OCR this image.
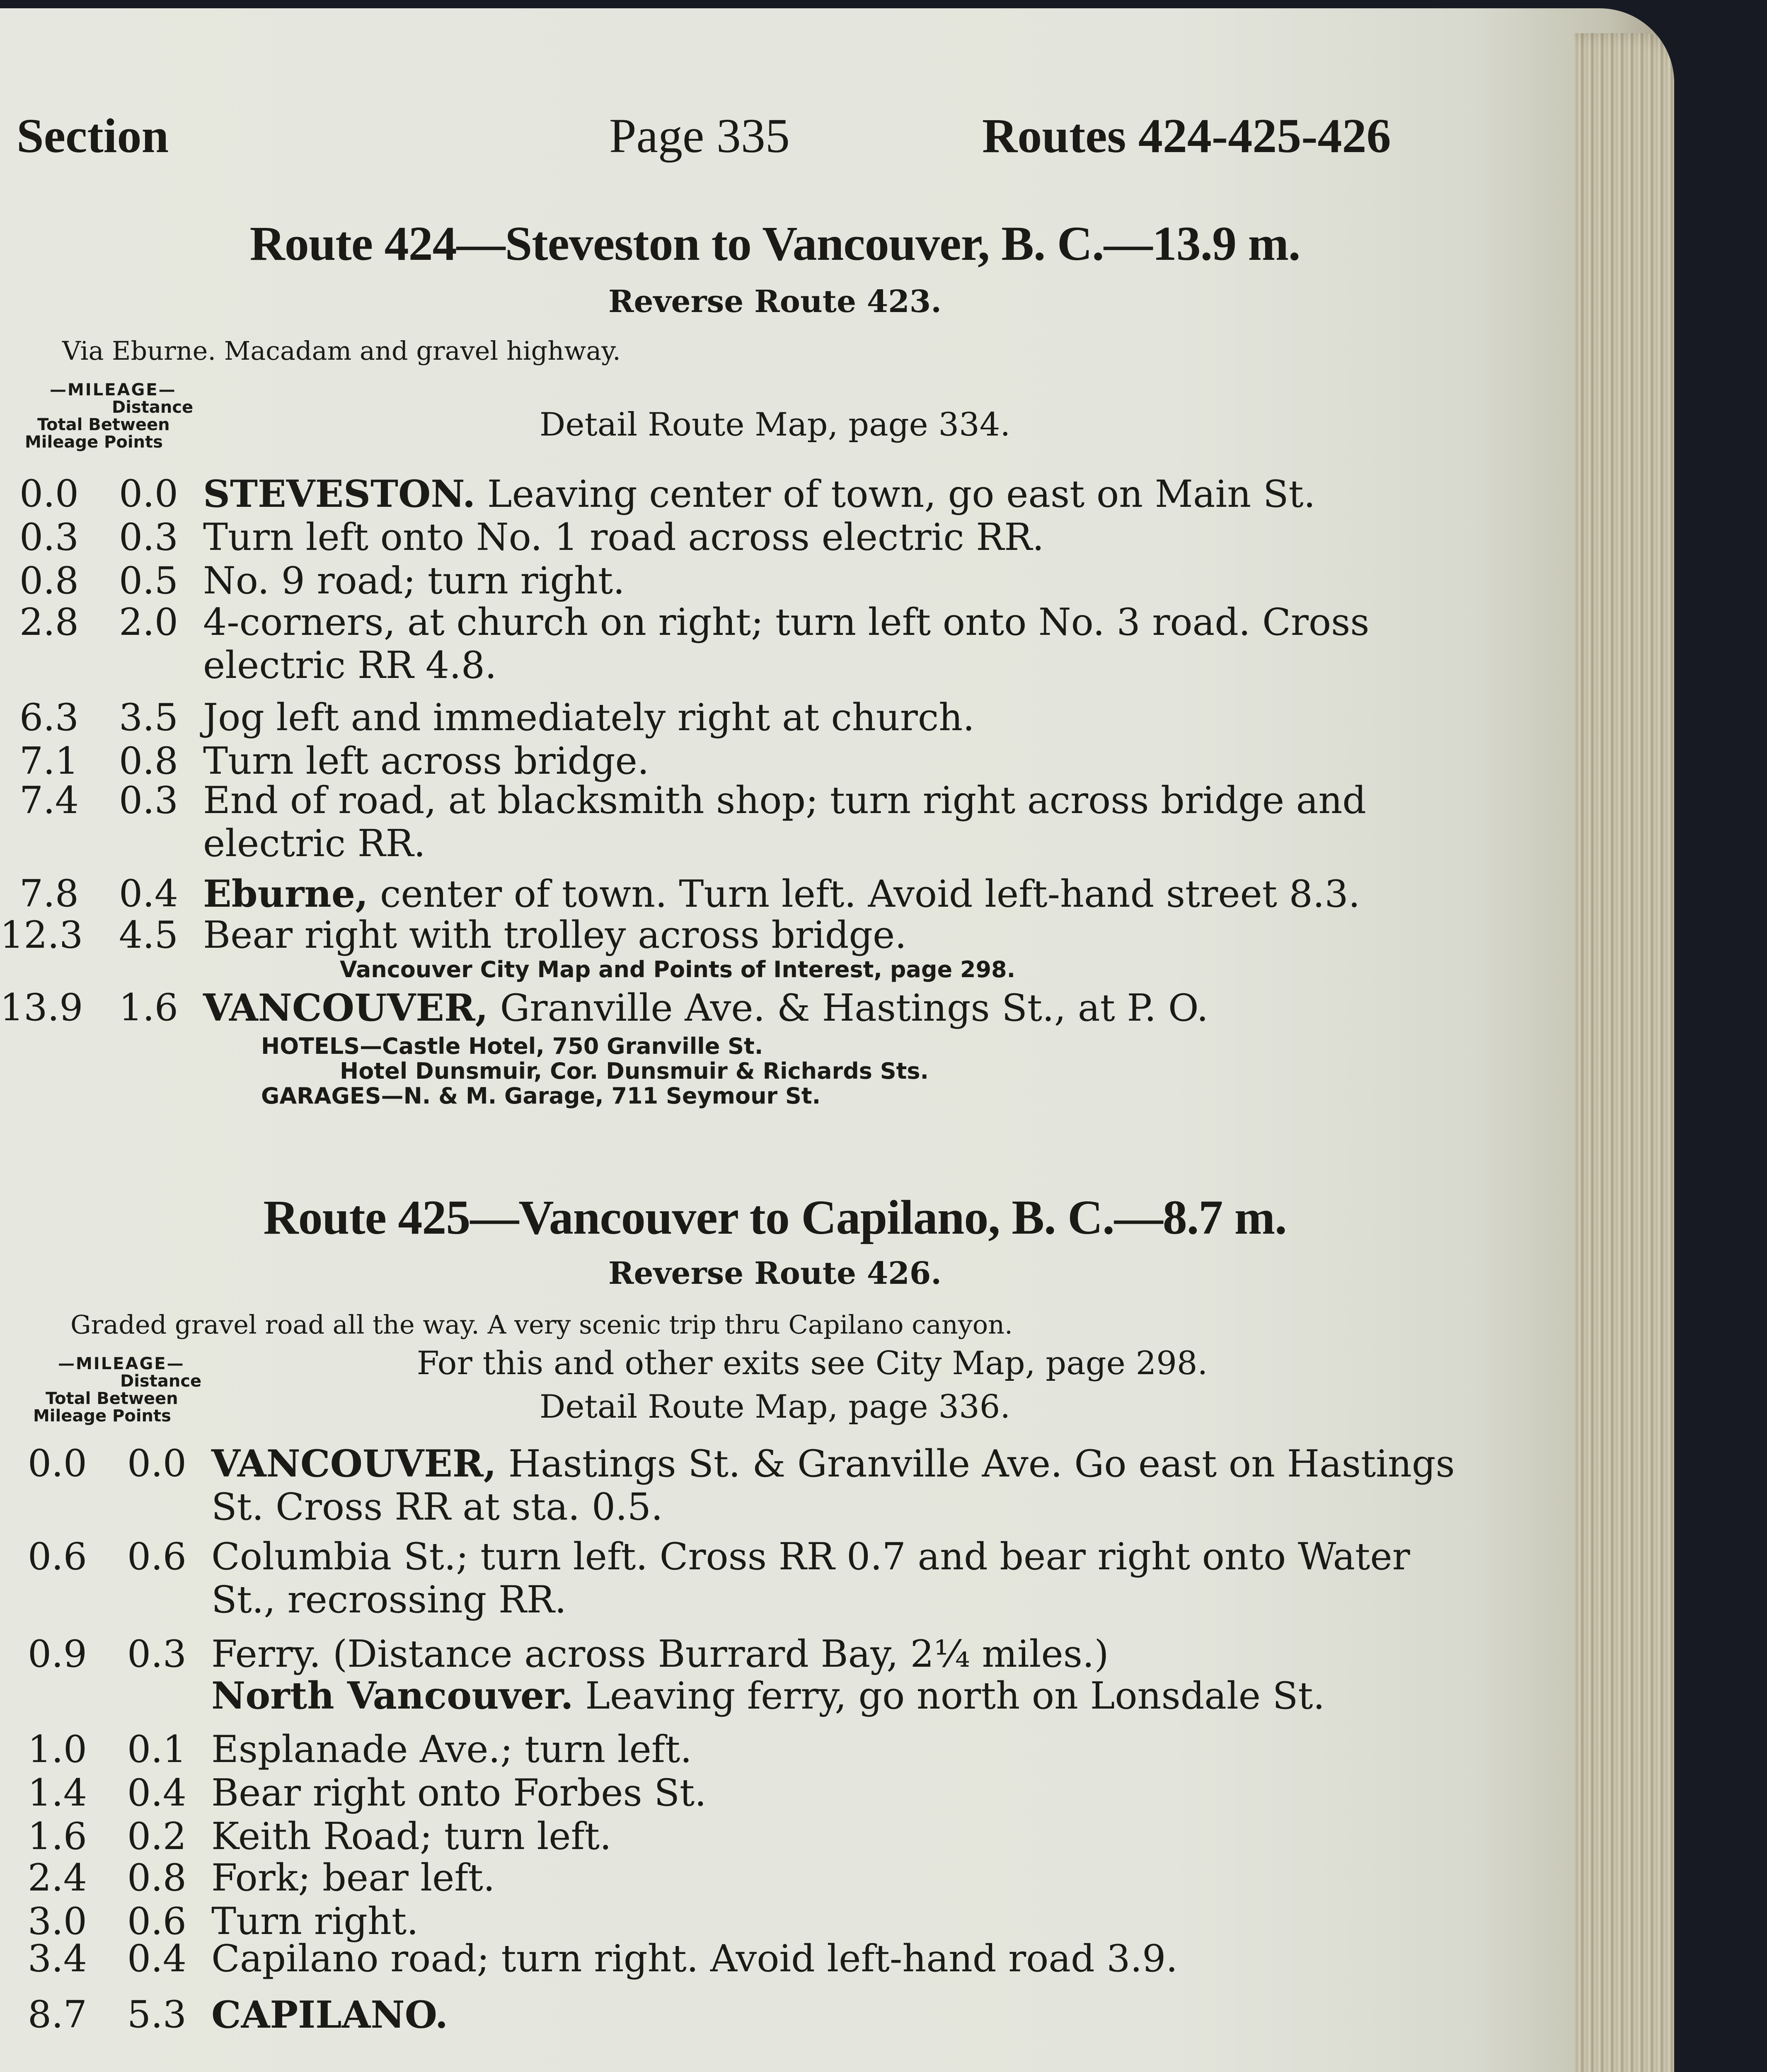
Section	Page 335	Routes 424-425-426
Route 424—Steveston to Vancouver, B. C.—13.9 m.
Reverse Route 423.
Via Eburne. Macadam and gravel highway.
—MILEAGE—
Distance
Total Between
Mileage Points	Detail Route Map, page 334.
0.0	0.0 STEVESTON. Leaving center of town, go east on Main St.
0.3	0.3 Turn left onto No. 1 road across electric RR.
0.8	0.5 No. 9 road; turn right.
2.8	2.0 4-corners, at church on right; turn left onto No. 3 road. Cross electric RR 4.8.
6.3	3.5 Jog left and immediately right at church.
7.1	0.8 Turn left across bridge.
7.4	0.3 End of road, at blacksmith shop; turn right across bridge and electric RR.
7.8	0.4 Eburne, center of town. Turn left. Avoid left-hand street 8.3.
12.3 4.5 Bear right with trolley across bridge.
Vancouver City Map and Points of Interest, page 298.
13.9 1.6 VANCOUVER, Granville Ave. & Hastings St., at P. O.
HOTELS—Castle Hotel, 750 Granville St.
Hotel Dunsmuir, Cor. Dunsmuir & Richards Sts.
GARAGES—N. & M. Garage, 711 Seymour St.
Route 425—Vancouver to Capilano, B. C.—8.7 m.
Reverse Route 426.
Graded gravel road all the way. A very scenic trip thru Capilano canyon.
—MILEAGE—
Distance
Total Between
Mileage Points
For this and other exits see City Map, page 298.
Detail Route Map, page 336.
0.0	0.0 VANCOUVER, Hastings St. & Granville Ave. Go east on Hastings St. Cross RR at sta. 0.5.
0.6	0.6 Columbia St.; turn left. Cross RR 0.7 and bear right onto Water St., recrossing RR.
0.9	0.3 Ferry. (Distance across Burrard Bay, 2¼ miles.)
North Vancouver. Leaving ferry, go north on Lonsdale St.
1.0	0.1 Esplanade Ave.; turn left.
1.4	0.4 Bear right onto Forbes St.
1.6	0.2 Keith Road; turn left.
2.4	0.8 Fork; bear left.
3.0	0.6 Turn right.
3.4	0.4 Capilano road; turn right. Avoid left-hand road 3.9.
8.7	5.3 CAPILANO.
